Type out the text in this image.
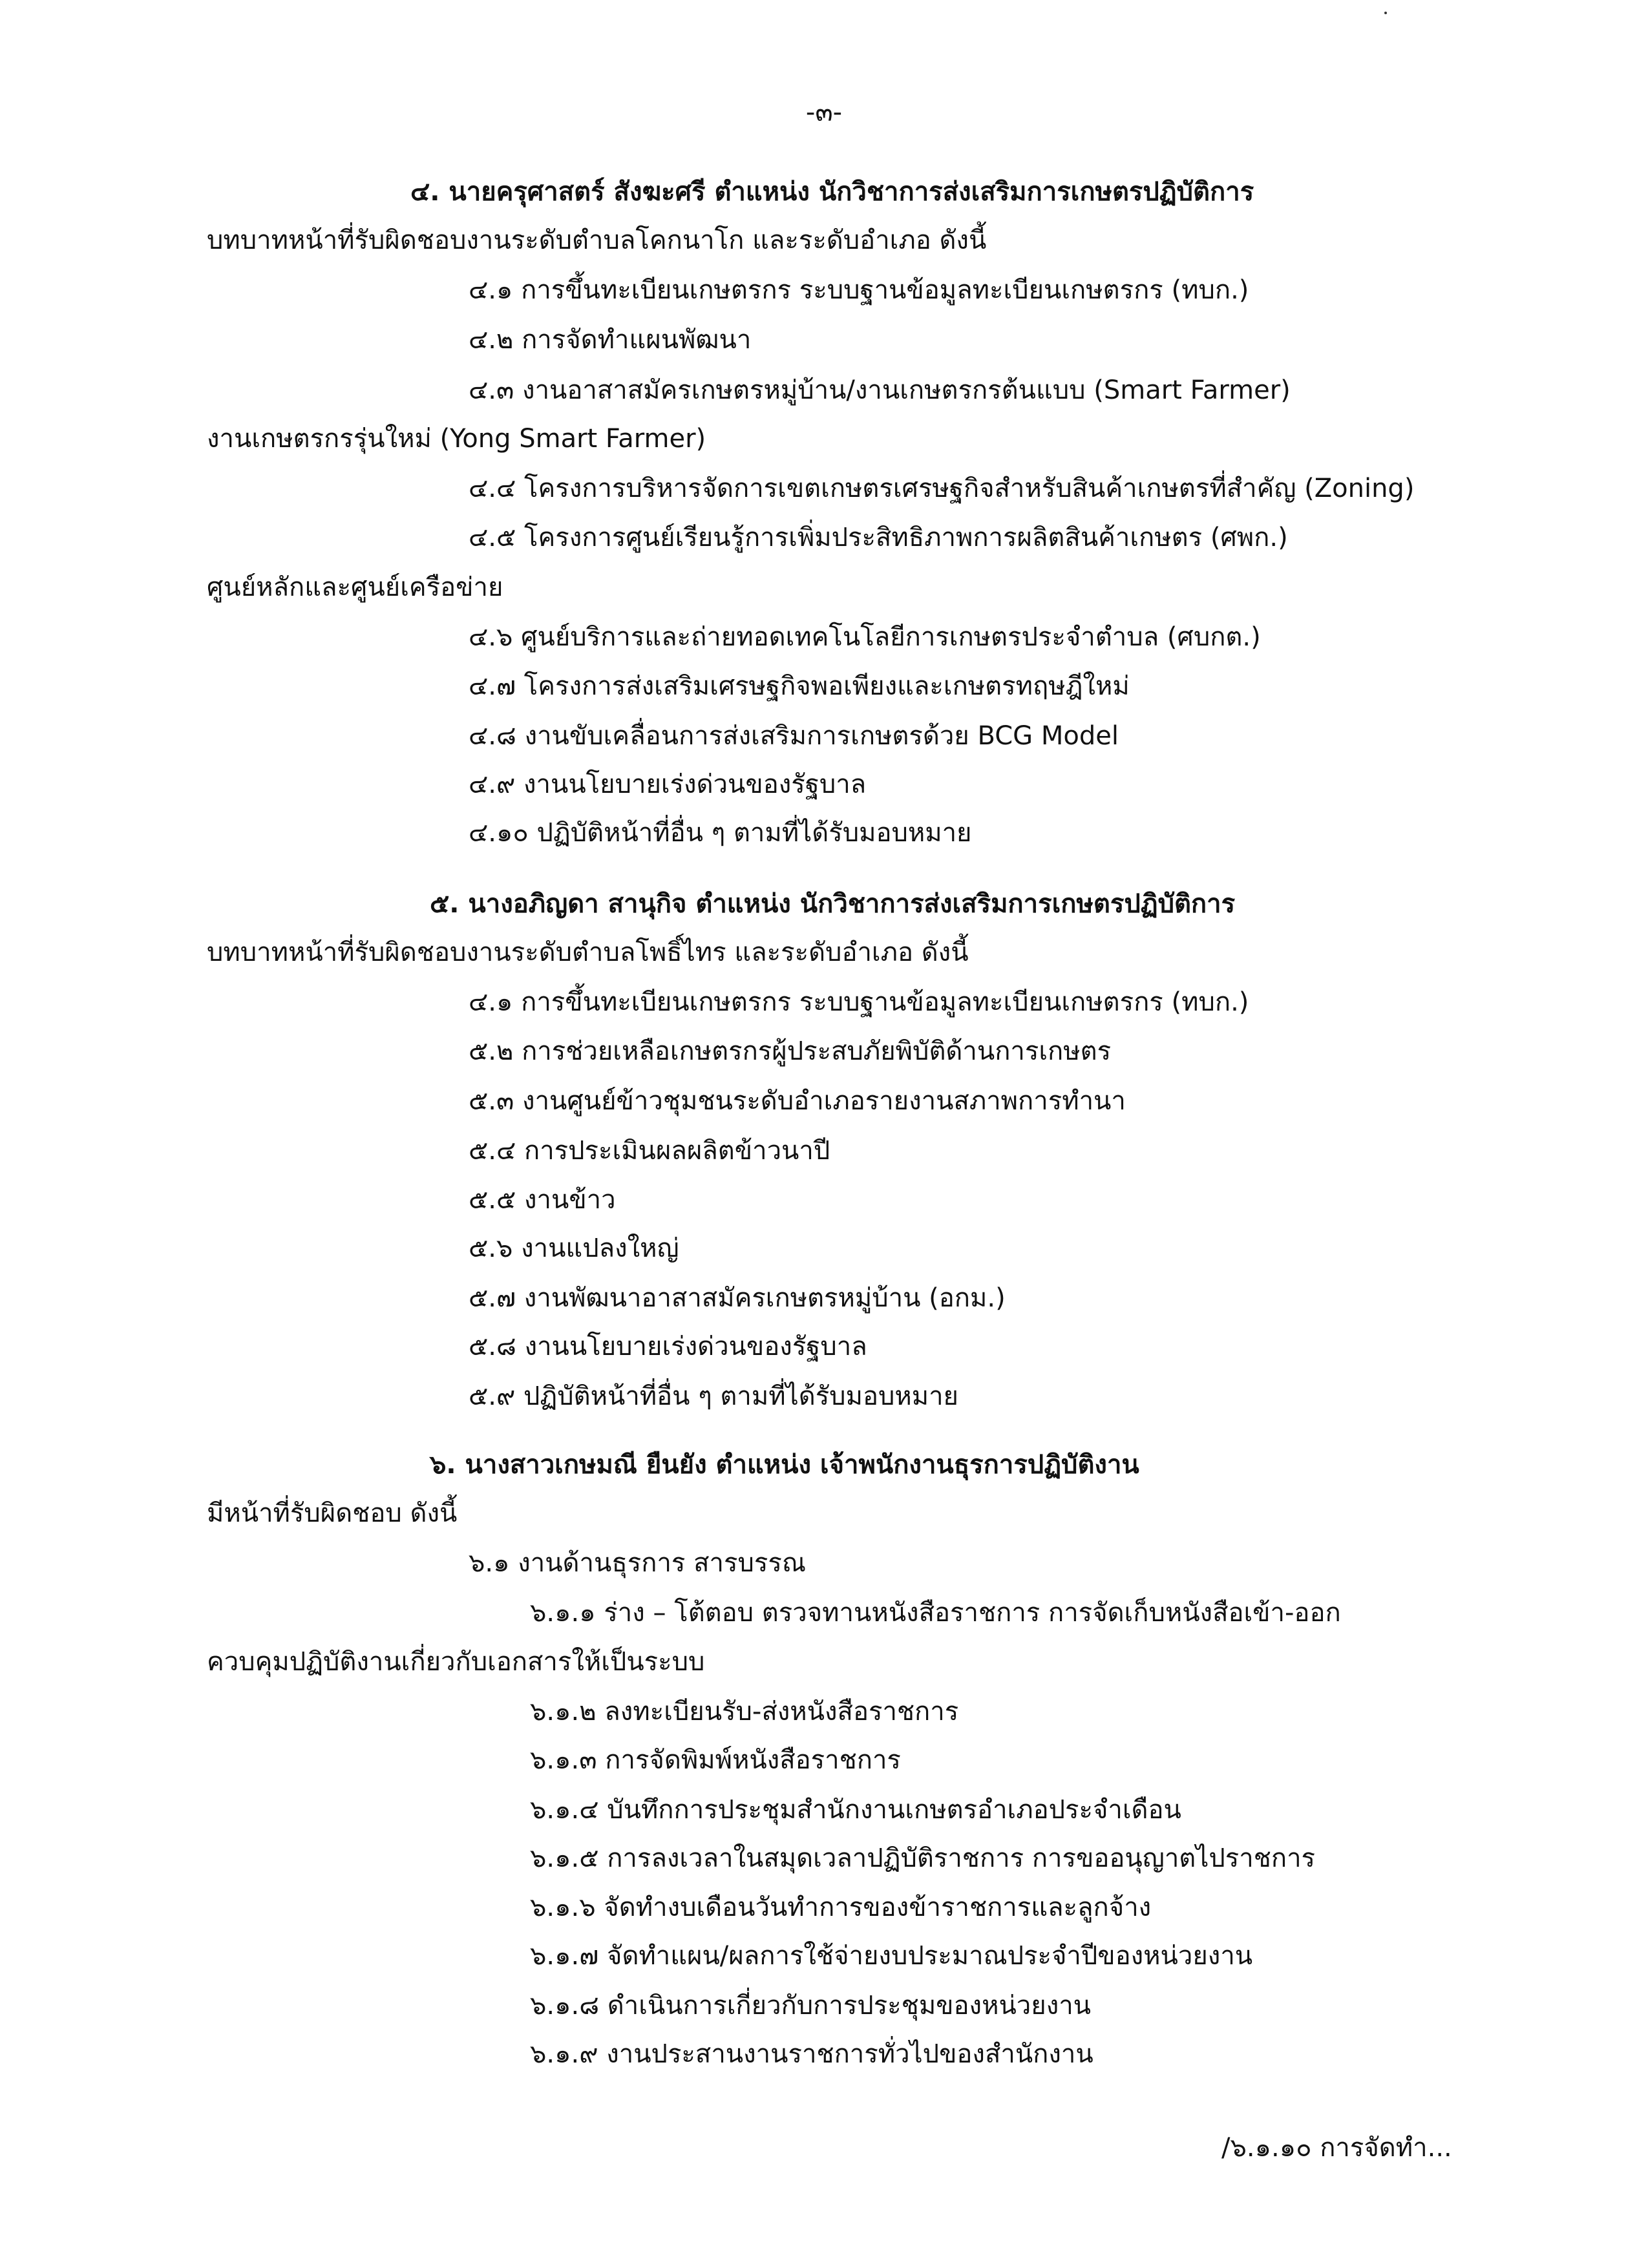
-๓-
๔. นายครุศาสตร์ สังฆะศรี ตำแหน่ง นักวิชาการส่งเสริมการเกษตรปฏิบัติการ
บทบาทหน้าที่รับผิดชอบงานระดับตำบลโคกนาโก และระดับอำเภอ ดังนี้
๔.๑ การขึ้นทะเบียนเกษตรกร ระบบฐานข้อมูลทะเบียนเกษตรกร (ทบก.)
๔.๒ การจัดทำแผนพัฒนา
๔.๓ งานอาสาสมัครเกษตรหมู่บ้าน/งานเกษตรกรต้นแบบ (Smart Farmer)
งานเกษตรกรรุ่นใหม่ (Yong Smart Farmer)
๔.๔ โครงการบริหารจัดการเขตเกษตรเศรษฐกิจสำหรับสินค้าเกษตรที่สำคัญ (Zoning)
๔.๕ โครงการศูนย์เรียนรู้การเพิ่มประสิทธิภาพการผลิตสินค้าเกษตร (ศพก.)
ศูนย์หลักและศูนย์เครือข่าย
๔.๖ ศูนย์บริการและถ่ายทอดเทคโนโลยีการเกษตรประจำตำบล (ศบกต.)
๔.๗ โครงการส่งเสริมเศรษฐกิจพอเพียงและเกษตรทฤษฎีใหม่
๔.๘ งานขับเคลื่อนการส่งเสริมการเกษตรด้วย BCG Model
๔.๙ งานนโยบายเร่งด่วนของรัฐบาล
๔.๑๐ ปฏิบัติหน้าที่อื่น ๆ ตามที่ได้รับมอบหมาย
๕. นางอภิญดา สานุกิจ ตำแหน่ง นักวิชาการส่งเสริมการเกษตรปฏิบัติการ
บทบาทหน้าที่รับผิดชอบงานระดับตำบลโพธิ์ไทร และระดับอำเภอ ดังนี้
๔.๑ การขึ้นทะเบียนเกษตรกร ระบบฐานข้อมูลทะเบียนเกษตรกร (ทบก.)
๕.๒ การช่วยเหลือเกษตรกรผู้ประสบภัยพิบัติด้านการเกษตร
๕.๓ งานศูนย์ข้าวชุมชนระดับอำเภอรายงานสภาพการทำนา
๕.๔ การประเมินผลผลิตข้าวนาปี
๕.๕ งานข้าว
๕.๖ งานแปลงใหญ่
๕.๗ งานพัฒนาอาสาสมัครเกษตรหมู่บ้าน (อกม.)
๕.๘ งานนโยบายเร่งด่วนของรัฐบาล
๕.๙ ปฏิบัติหน้าที่อื่น ๆ ตามที่ได้รับมอบหมาย
๖. นางสาวเกษมณี ยืนยัง ตำแหน่ง เจ้าพนักงานธุรการปฏิบัติงาน
มีหน้าที่รับผิดชอบ ดังนี้
๖.๑ งานด้านธุรการ สารบรรณ
๖.๑.๑ ร่าง – โต้ตอบ ตรวจทานหนังสือราชการ การจัดเก็บหนังสือเข้า-ออก
ควบคุมปฏิบัติงานเกี่ยวกับเอกสารให้เป็นระบบ
๖.๑.๒ ลงทะเบียนรับ-ส่งหนังสือราชการ
๖.๑.๓ การจัดพิมพ์หนังสือราชการ
๖.๑.๔ บันทึกการประชุมสำนักงานเกษตรอำเภอประจำเดือน
๖.๑.๕ การลงเวลาในสมุดเวลาปฏิบัติราชการ การขออนุญาตไปราชการ
๖.๑.๖ จัดทำงบเดือนวันทำการของข้าราชการและลูกจ้าง
๖.๑.๗ จัดทำแผน/ผลการใช้จ่ายงบประมาณประจำปีของหน่วยงาน
๖.๑.๘ ดำเนินการเกี่ยวกับการประชุมของหน่วยงาน
๖.๑.๙ งานประสานงานราชการทั่วไปของสำนักงาน
/๖.๑.๑๐ การจัดทำ...
